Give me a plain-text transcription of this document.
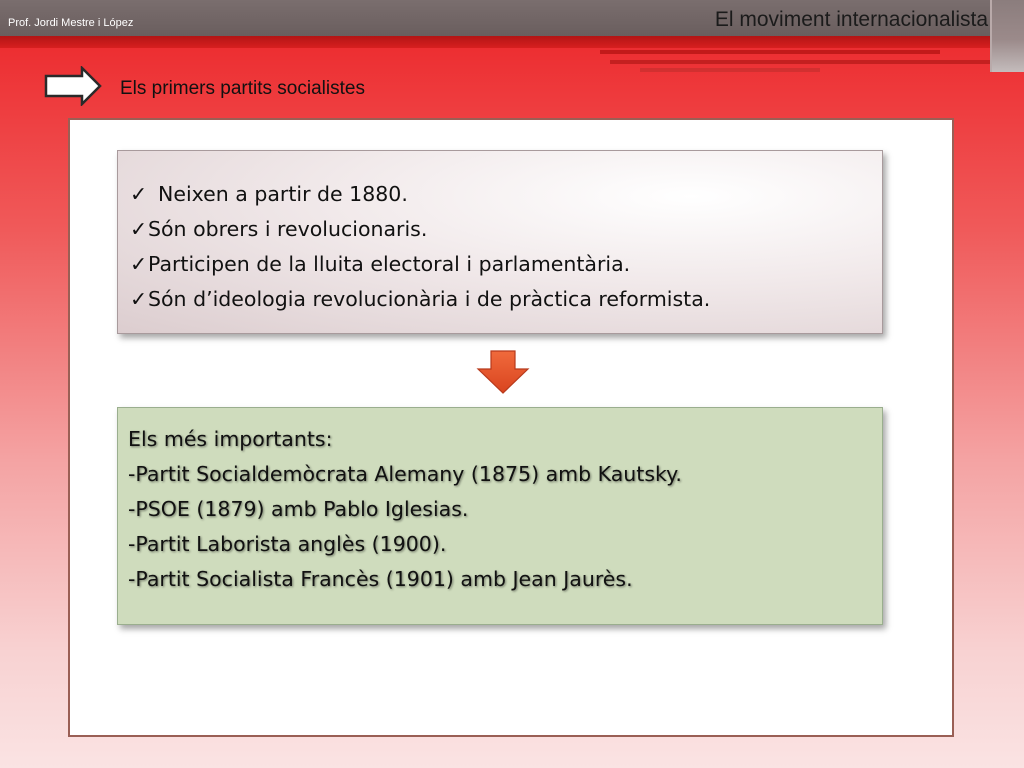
Prof. Jordi Mestre i López	El moviment internacionalista
Els primers partits socialistes
✓ Neixen a partir de 1880.
✓ Són obrers i revolucionaris.
✓ Participen de la lluita electoral i parlamentària.
✓ Són d’ideologia revolucionària i de pràctica reformista.
Els més importants:
-Partit Socialdemòcrata Alemany (1875) amb Kautsky.
-PSOE (1879) amb Pablo Iglesias.
-Partit Laborista anglès (1900).
-Partit Socialista Francès (1901) amb Jean Jaurès.
